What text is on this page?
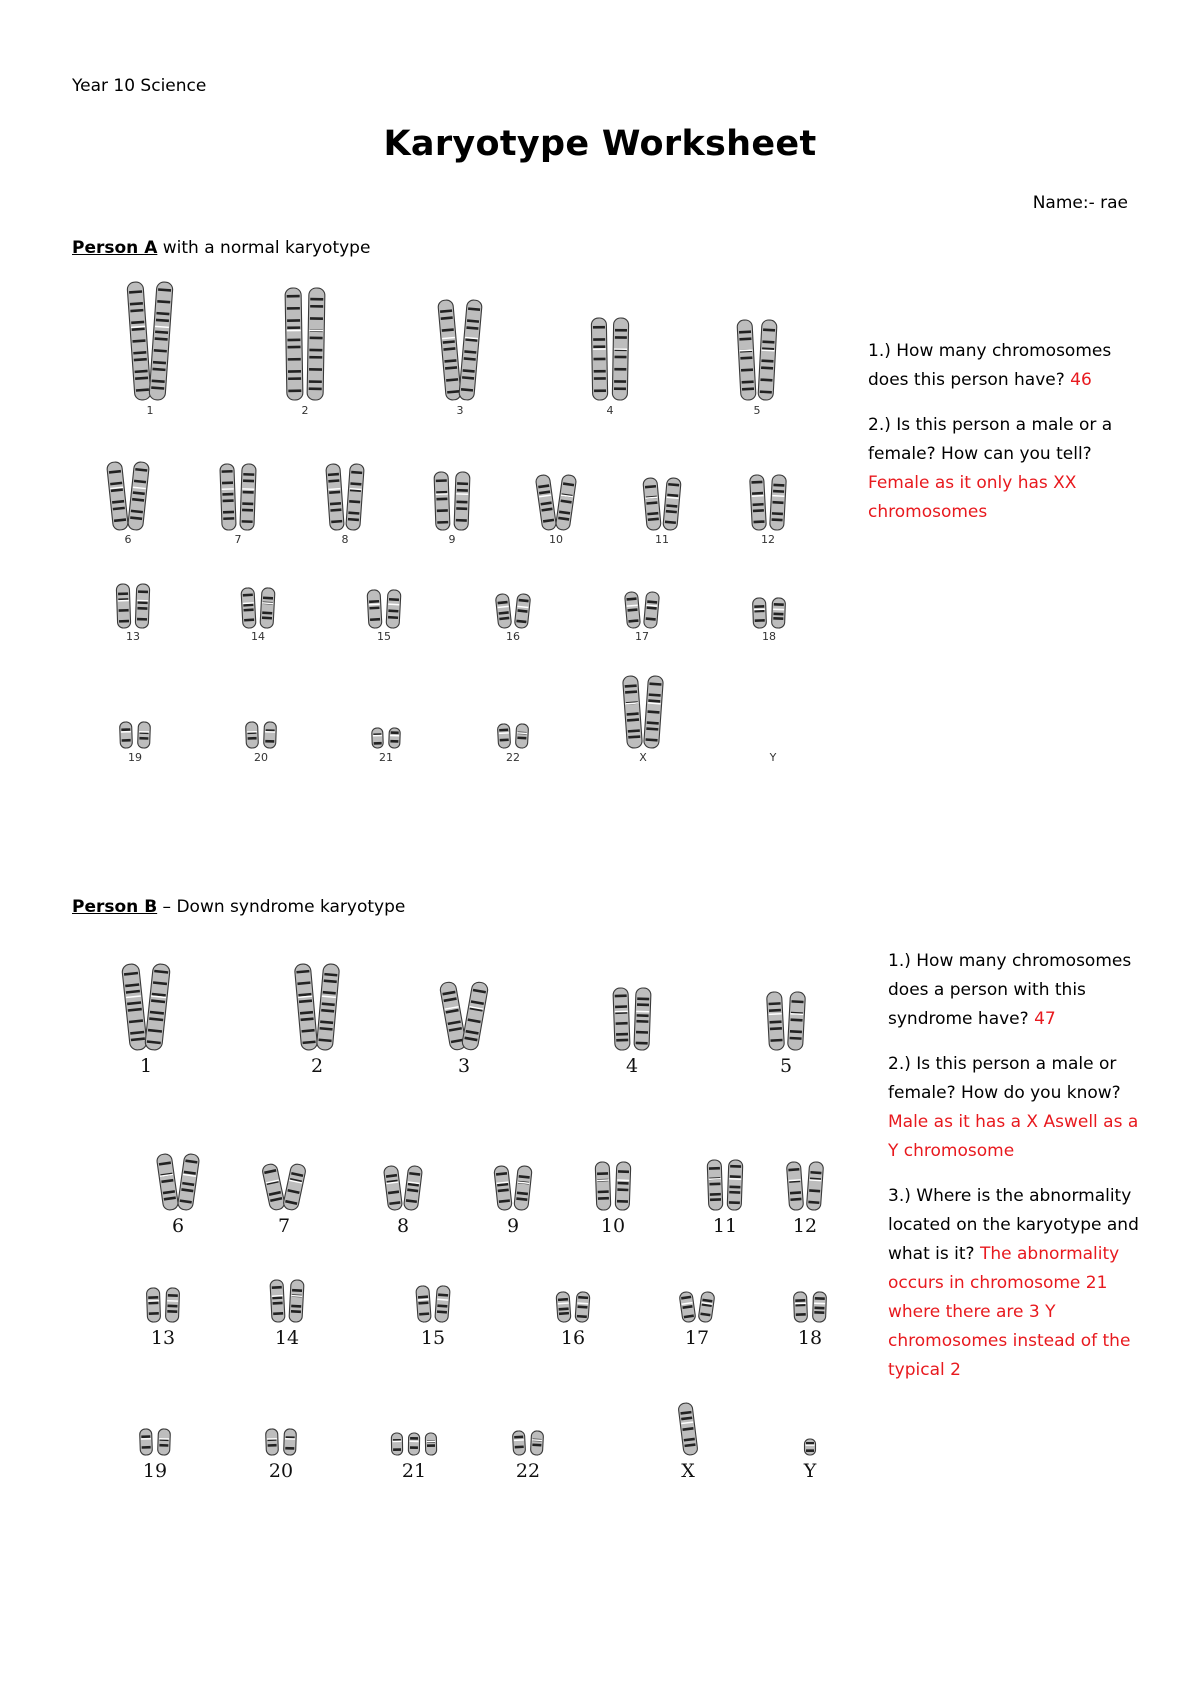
Year 10 Science
Karyotype Worksheet
Name:- rae
Person A with a normal karyotype
Person B – Down syndrome karyotype
1	2	3	4	5
6	7	8	9	10	11	12
13	14	15	16	17	18
19	20	21	22	X	Y
1	2	3	4	5
6	7	8	9	10	11	12
13	14	15	16	17	18
19	20	21	22	X	Y

1.) How many chromosomes does this person have? 46

2.) Is this person a male or a female? How can you tell? Female as it only has XX chromosomes

1.) How many chromosomes does a person with this syndrome have? 47

2.) Is this person a male or female? How do you know? Male as it has a X Aswell as a Y chromosome

3.) Where is the abnormality located on the karyotype and what is it? The abnormality occurs in chromosome 21 where there are 3 Y chromosomes instead of the typical 2
